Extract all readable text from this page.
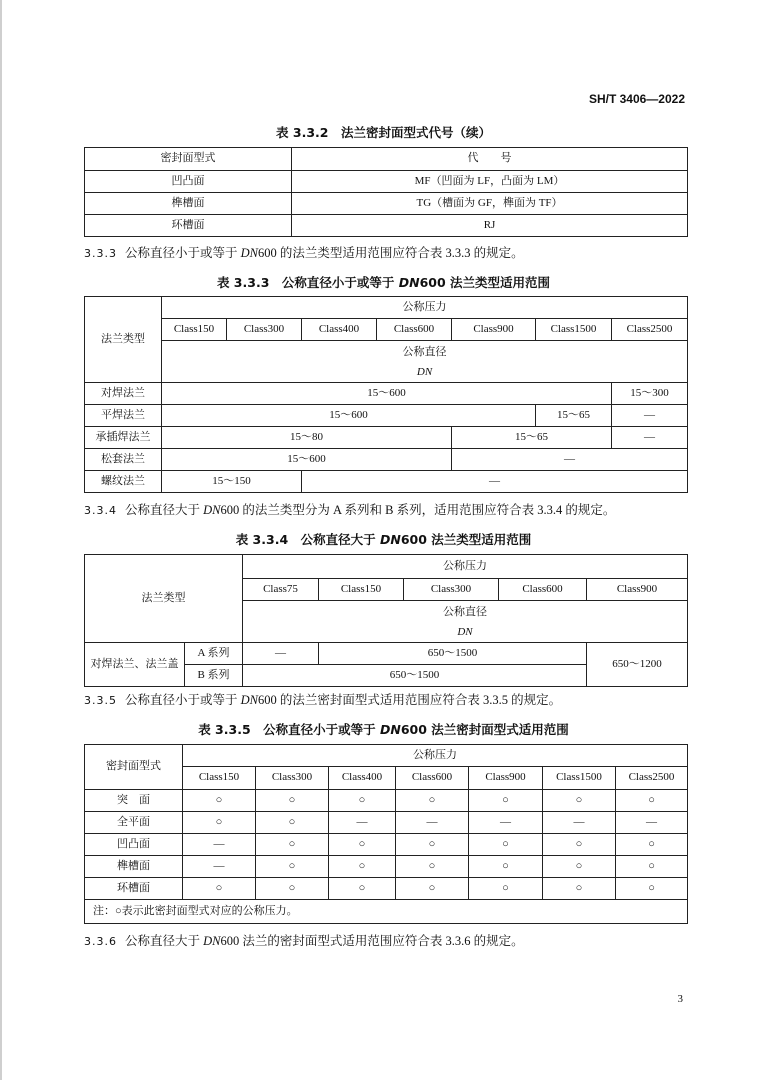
SH/T 3406—2022
表 3.3.2　法兰密封面型式代号（续）
密封面型式	代　　号
凹凸面	MF（凹面为 LF，凸面为 LM）
榫槽面	TG（槽面为 GF，榫面为 TF）
环槽面	RJ
3.3.3 公称直径小于或等于 DN600 的法兰类型适用范围应符合表 3.3.3 的规定。
表 3.3.3　公称直径小于或等于 DN600 法兰类型适用范围
法兰类型	公称压力						
	Class150	Class300	Class400	Class600	Class900	Class1500	Class2500

	公称直径
DN						

对焊法兰	15～600						15～300
平焊法兰	15～600					15～65	—
承插焊法兰	15～80				15～65		—
松套法兰	15～600				—		
螺纹法兰	15～150		—				
3.3.4 公称直径大于 DN600 的法兰类型分为 A 系列和 B 系列，适用范围应符合表 3.3.4 的规定。
表 3.3.4　公称直径大于 DN600 法兰类型适用范围
法兰类型		公称压力				
		Class75	Class150	Class300	Class600	Class900

		公称直径
DN				

对焊法兰、法兰盖	A 系列	—	650～1500			650～1200
	B 系列	650～1500				
3.3.5 公称直径小于或等于 DN600 的法兰密封面型式适用范围应符合表 3.3.5 的规定。
表 3.3.5　公称直径小于或等于 DN600 法兰密封面型式适用范围
密封面型式	公称压力						
	Class150	Class300	Class400	Class600	Class900	Class1500	Class2500
突　面	○	○	○	○	○	○	○
全平面	○	○	—	—	—	—	—
凹凸面	—	○	○	○	○	○	○
榫槽面	—	○	○	○	○	○	○
环槽面	○	○	○	○	○	○	○
注：○表示此密封面型式对应的公称压力。							
3.3.6 公称直径大于 DN600 法兰的密封面型式适用范围应符合表 3.3.6 的规定。
3
